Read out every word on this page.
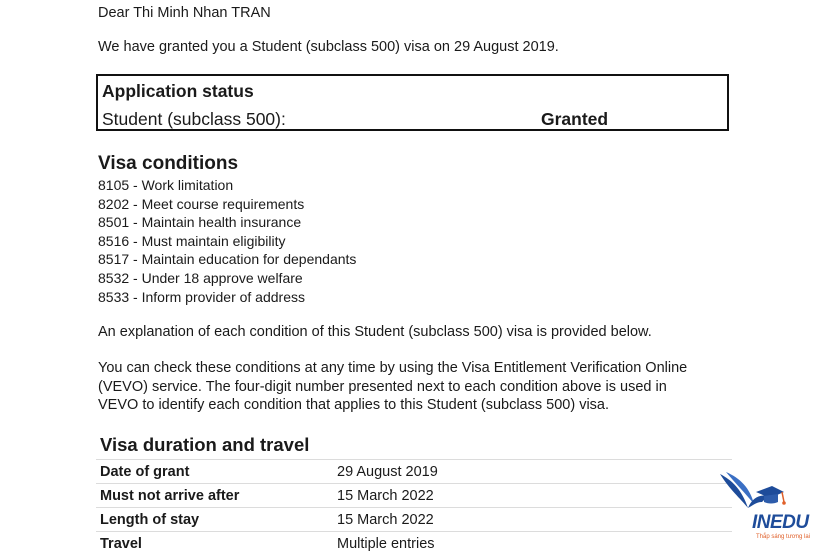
Dear Thi Minh Nhan TRAN
We have granted you a Student (subclass 500) visa on 29 August 2019.
Application status
Student (subclass 500):	Granted
Visa conditions
8105 - Work limitation
8202 - Meet course requirements
8501 - Maintain health insurance
8516 - Must maintain eligibility
8517 - Maintain education for dependants
8532 - Under 18 approve welfare
8533 - Inform provider of address
An explanation of each condition of this Student (subclass 500) visa is provided below.
You can check these conditions at any time by using the Visa Entitlement Verification Online
(VEVO) service. The four-digit number presented next to each condition above is used in
VEVO to identify each condition that applies to this Student (subclass 500) visa.
Visa duration and travel
Date of grant	29 August 2019
Must not arrive after	15 March 2022
Length of stay	15 March 2022
Travel	Multiple entries
INEDU
Thắp sáng tương lai
